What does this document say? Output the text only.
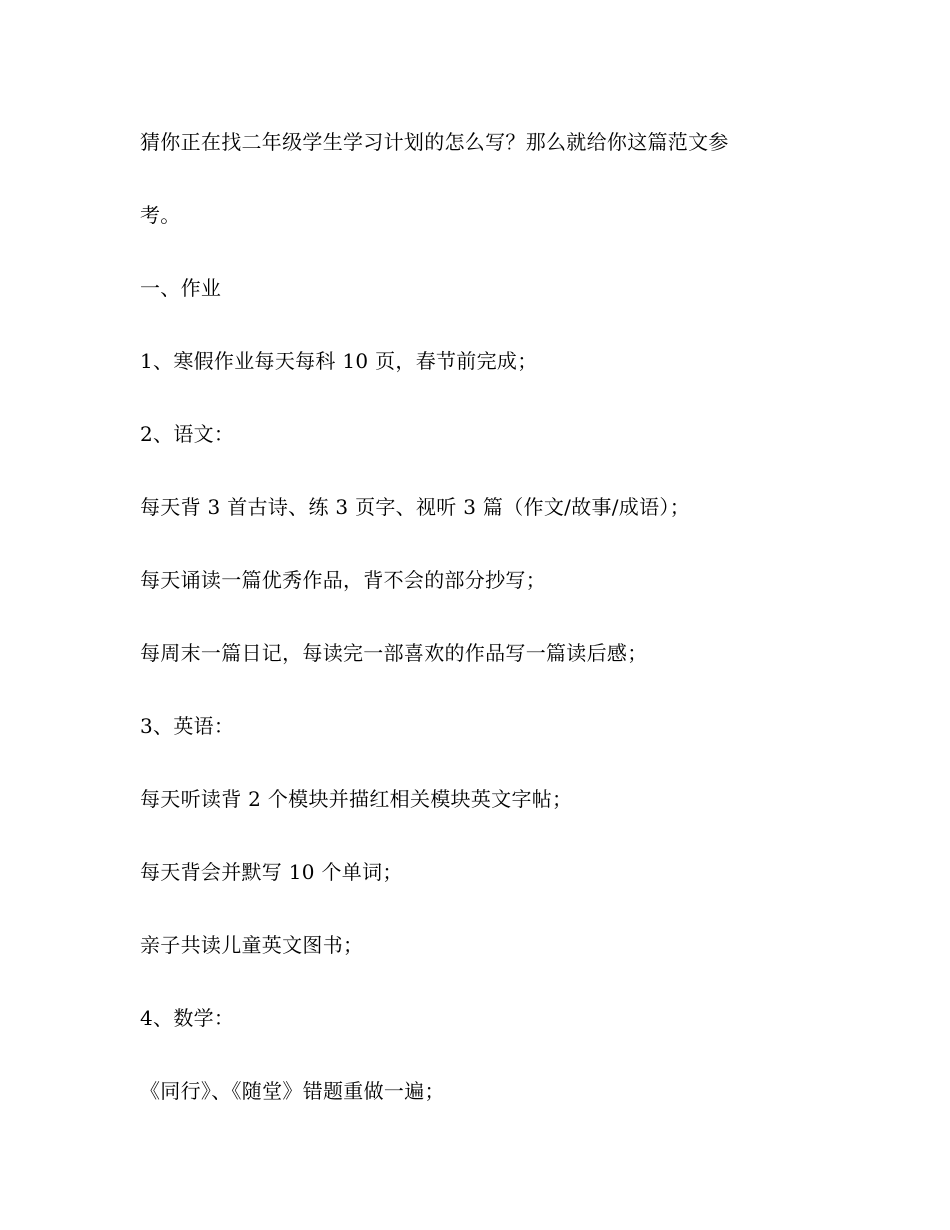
猜你正在找二年级学生学习计划的怎么写？那么就给你这篇范文参
考。
一、作业
1、寒假作业每天每科 10 页，春节前完成；
2、语文：
每天背 3 首古诗、练 3 页字、视听 3 篇（作文/故事/成语）；
每天诵读一篇优秀作品，背不会的部分抄写；
每周末一篇日记，每读完一部喜欢的作品写一篇读后感；
3、英语：
每天听读背 2 个模块并描红相关模块英文字帖；
每天背会并默写 10 个单词；
亲子共读儿童英文图书；
4、数学：
《同行》、《随堂》错题重做一遍；
